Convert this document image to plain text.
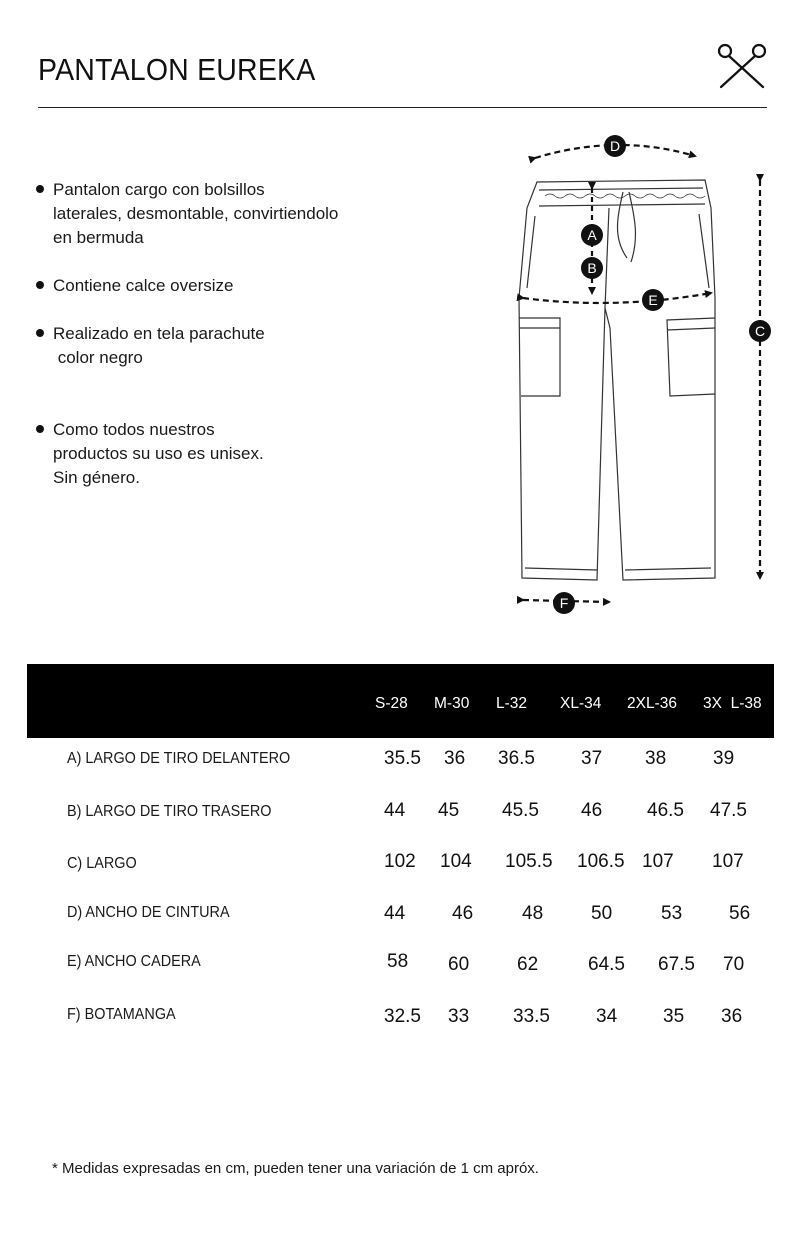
PANTALON EUREKA
Pantalon cargo con bolsillos
laterales, desmontable, convirtiendolo
en bermuda
Contiene calce oversize
Realizado en tela parachute
color negro
Como todos nuestros
productos su uso es unisex.
Sin género.
D
A
B
C
E
F
S-28 M-30 L-32 XL-34 2XL-36 3X  L-38
A) LARGO DE TIRO DELANTERO	35.5 36 36.5 37 38 39
B) LARGO DE TIRO TRASERO	44 45 45.5 46 46.5 47.5
C) LARGO	102 104 105.5 106.5 107 107
D) ANCHO DE CINTURA	44 46	48	50	53 56
E) ANCHO CADERA	58 60	62	64.5 67.5 70
F) BOTAMANGA	32.5 33 33.5 34 35 36
* Medidas expresadas en cm, pueden tener una variación de 1 cm apróx.
